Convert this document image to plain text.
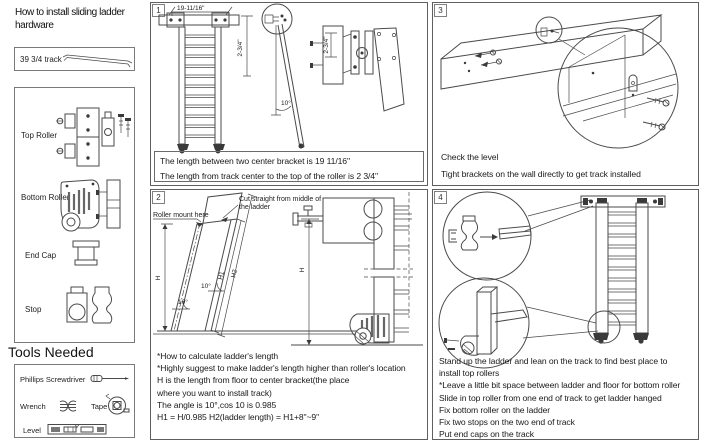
How to install sliding ladder hardware
39 3/4 track
Top Roller
Bottom Roller
End Cap
Stop
Tools Needed
Phillips Screwdriver
Wrench	Tape
Level
1	19-11/16"
2-3/4"
10°
2-3/4"
The length between two center bracket is 19 11/16"
The length from track center to the top of the roller is 2 3/4"
3
Check the level
Tight brackets on the wall directly to get track installed
2
Roller mount here
Cut straight from middle of
the ladder
H	H1 H2
10°
10°
H
*How to calculate ladder's length
*Highly suggest to make ladder's length higher than roller's location
H is the length from floor to center bracket(the place
where you want to install track)
The angle is 10°,cos 10 is 0.985
H1 = H/0.985 H2(ladder length) = H1+8"~9"
4
Stand up the ladder and lean on the track to find best place to
install top rollers
*Leave a little bit space between ladder and floor for bottom roller
Slide in top roller from one end of track to get ladder hanged
Fix bottom roller on the ladder
Fix two stops on the two end of track
Put end caps on the track
